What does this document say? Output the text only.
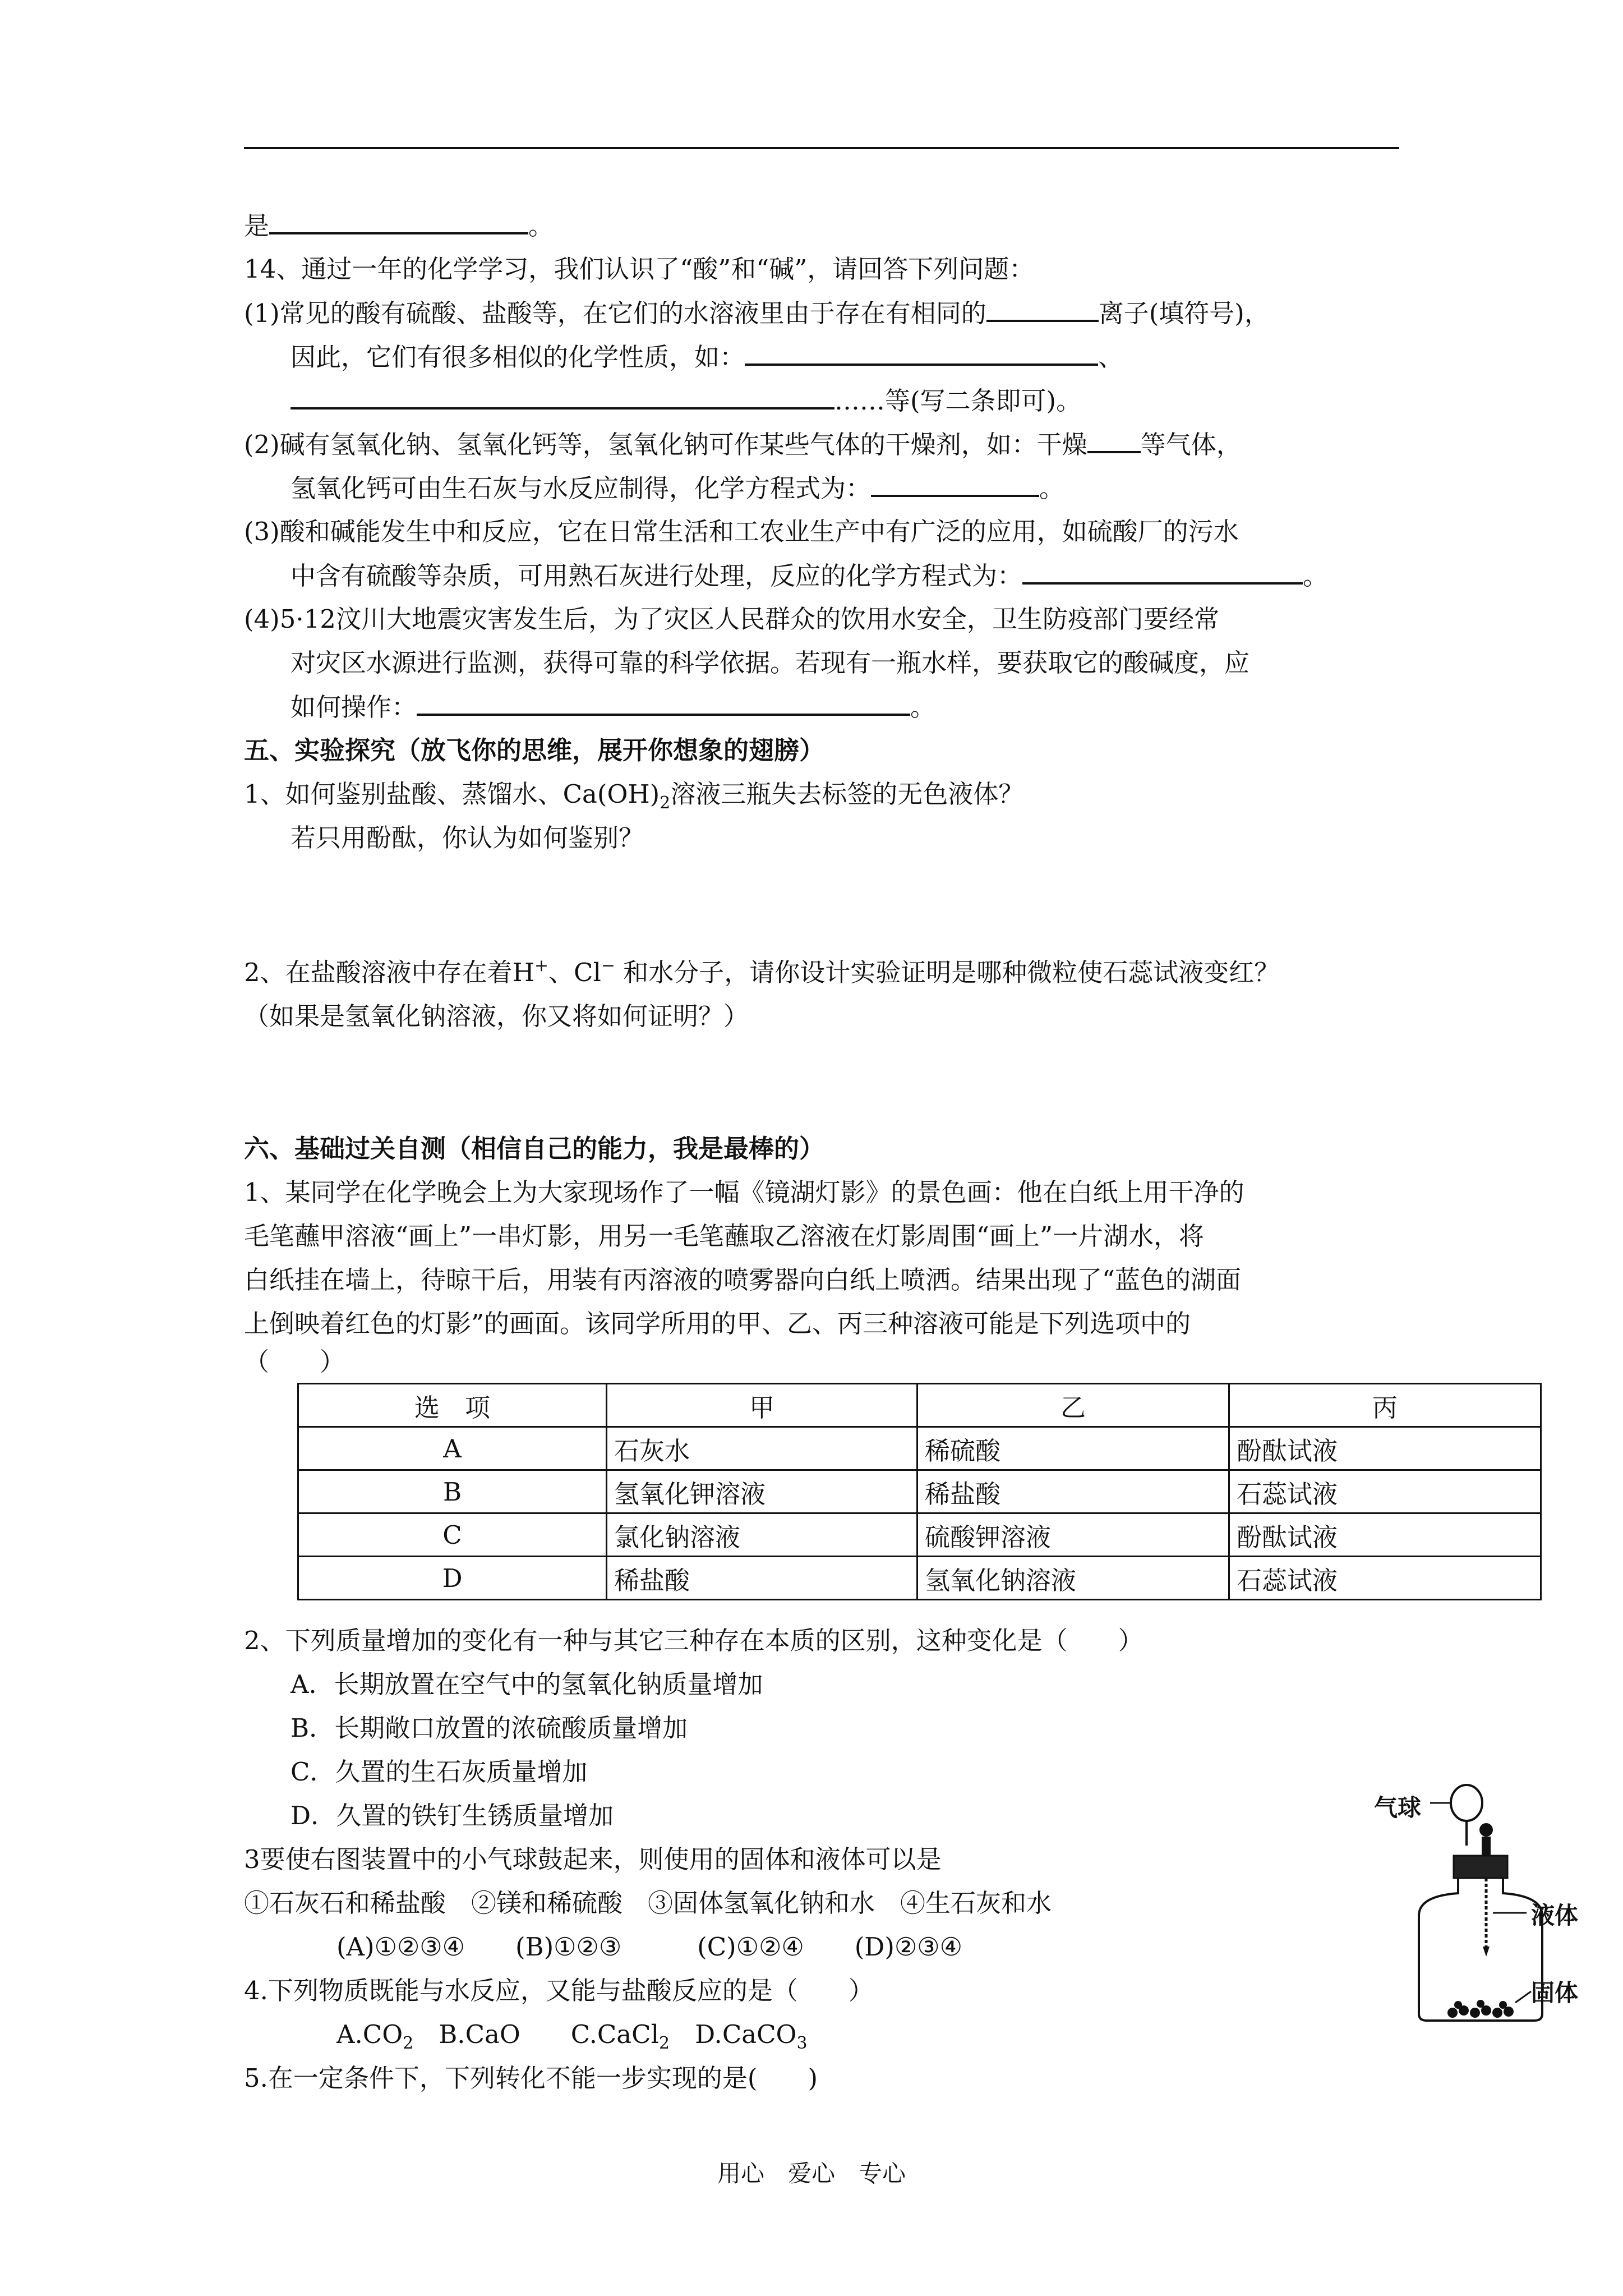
是	。
14、通过一年的化学学习，我们认识了“酸”和“碱”，请回答下列问题：
(1)常见的酸有硫酸、盐酸等，在它们的水溶液里由于存在有相同的	离子(填符号)，
因此，它们有很多相似的化学性质，如：	、
……等(写二条即可)。
(2)碱有氢氧化钠、氢氧化钙等，氢氧化钠可作某些气体的干燥剂，如：干燥 等气体，
氢氧化钙可由生石灰与水反应制得，化学方程式为：	。
(3)酸和碱能发生中和反应，它在日常生活和工农业生产中有广泛的应用，如硫酸厂的污水
中含有硫酸等杂质，可用熟石灰进行处理，反应的化学方程式为：	。
(4)5·12汶川大地震灾害发生后，为了灾区人民群众的饮用水安全，卫生防疫部门要经常
对灾区水源进行监测，获得可靠的科学依据。若现有一瓶水样，要获取它的酸碱度，应
如何操作：	。
五、实验探究（放飞你的思维，展开你想象的翅膀）
1、如何鉴别盐酸、蒸馏水、$Ca(OH)_2$溶液三瓶失去标签的无色液体？
若只用酚酞，你认为如何鉴别？
2、在盐酸溶液中存在着H+、Cl− 和水分子，请你设计实验证明是哪种微粒使石蕊试液变红？
（如果是氢氧化钠溶液，你又将如何证明？）
六、基础过关自测（相信自己的能力，我是最棒的）
1、某同学在化学晚会上为大家现场作了一幅《镜湖灯影》的景色画：他在白纸上用干净的
毛笔蘸甲溶液“画上”一串灯影，用另一毛笔蘸取乙溶液在灯影周围“画上”一片湖水，将
白纸挂在墙上，待晾干后，用装有丙溶液的喷雾器向白纸上喷洒。结果出现了“蓝色的湖面
上倒映着红色的灯影”的画面。该同学所用的甲、乙、丙三种溶液可能是下列选项中的
（　　）
选　项	甲	乙	丙
A	石灰水	稀硫酸	酚酞试液
B	氢氧化钾溶液	稀盐酸	石蕊试液
C	氯化钠溶液	硫酸钾溶液	酚酞试液
D	稀盐酸	氢氧化钠溶液	石蕊试液
2、下列质量增加的变化有一种与其它三种存在本质的区别，这种变化是（　　）
A．长期放置在空气中的氢氧化钠质量增加
B．长期敞口放置的浓硫酸质量增加
C．久置的生石灰质量增加
D．久置的铁钉生锈质量增加
3要使右图装置中的小气球鼓起来，则使用的固体和液体可以是
①石灰石和稀盐酸　②镁和稀硫酸　③固体氢氧化钠和水　④生石灰和水
(A)①②③④　　(B)①②③　　　(C)①②④　　(D)②③④
4.下列物质既能与水反应，又能与盐酸反应的是（　　）
$A.CO_2$　B.CaO　　C.CaCl$_2$　D.CaCO$_3$
5.在一定条件下，下列转化不能一步实现的是(　　)
气球
液体
固体
用心　爱心　专心
